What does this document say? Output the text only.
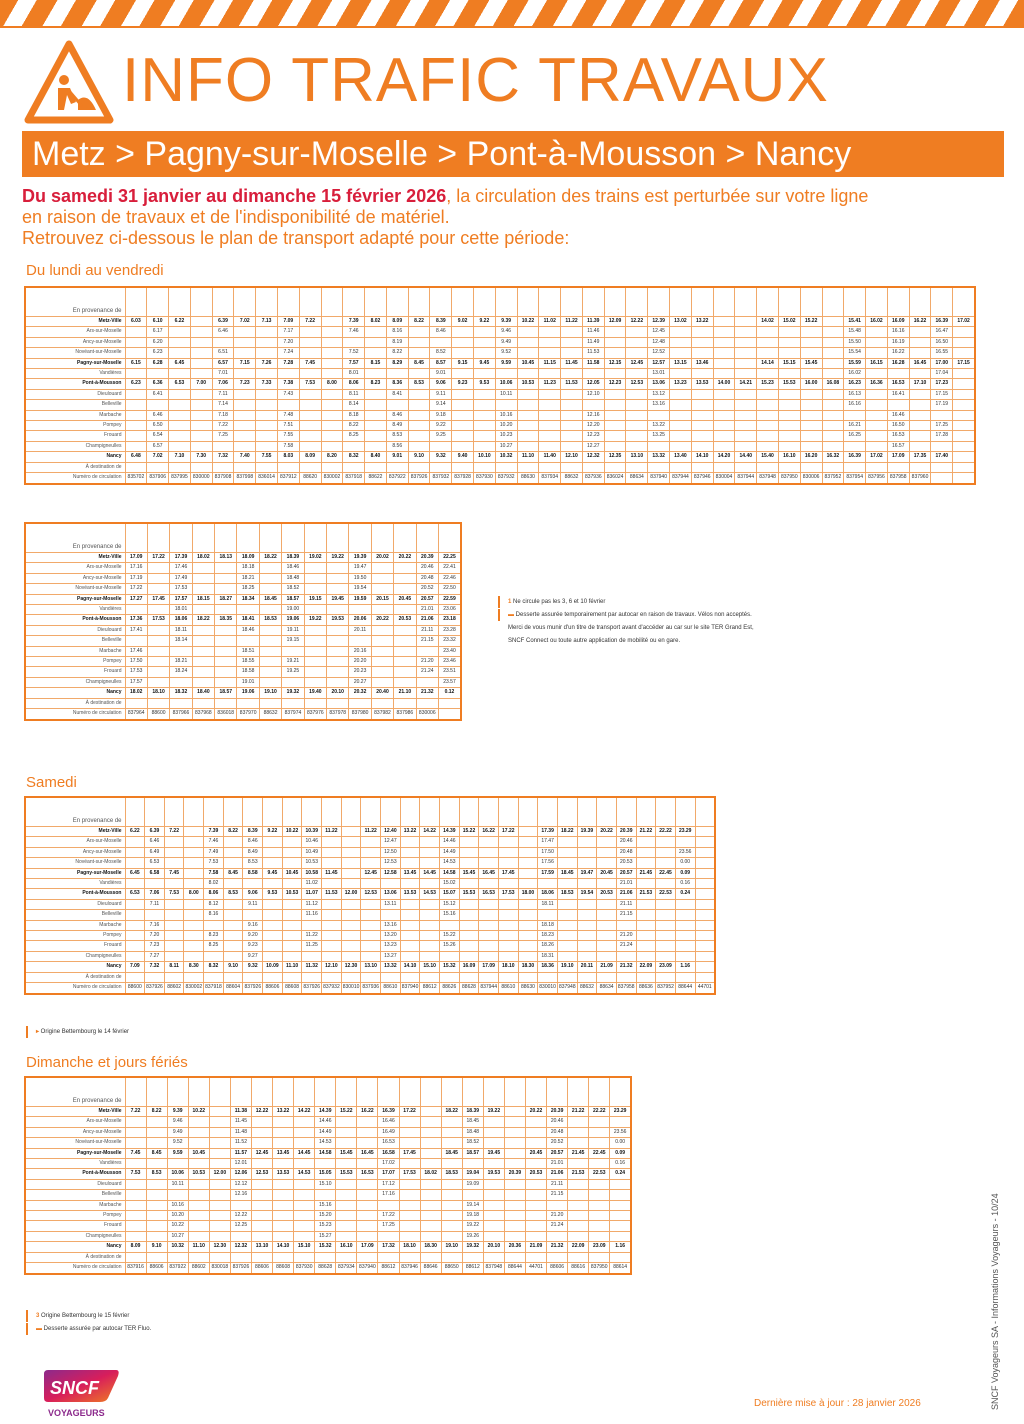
INFO TRAFIC TRAVAUX
Metz > Pagny-sur-Moselle > Pont-à-Mousson > Nancy
Du samedi 31 janvier au dimanche 15 février 2026, la circulation des trains est perturbée sur votre ligne
en raison de travaux et de l'indisponibilité de matériel.
Retrouvez ci-dessous le plan de transport adapté pour cette période:
Du lundi au vendredi
En provenance de																																							
Metz-Ville	6.03	6.10	6.22		6.39	7.02	7.13	7.09	7.22		7.39	8.02	8.09	8.22	8.39	9.02	9.22	9.39	10.22	11.02	11.22	11.39	12.09	12.22	12.39	13.02	13.22			14.02	15.02	15.22		15.41	16.02	16.09	16.22	16.39	17.02
Ars-sur-Moselle		6.17			6.46			7.17			7.46		8.16		8.46			9.46				11.46			12.45									15.48		16.16		16.47	
Ancy-sur-Moselle		6.20						7.20					8.19					9.49				11.49			12.48									15.50		16.19		16.50	
Novéant-sur-Moselle		6.23			6.51			7.24			7.52		8.22		8.52			9.52				11.53			12.52									15.54		16.22		16.55	
Pagny-sur-Moselle	6.15	6.28	6.45		6.57	7.15	7.26	7.28	7.45		7.57	8.15	8.29	8.45	8.57	9.15	9.45	9.59	10.45	11.15	11.45	11.58	12.15	12.45	12.57	13.15	13.46			14.14	15.15	15.45		15.59	16.15	16.28	16.45	17.00	17.15
Vandières					7.01						8.01				9.01										13.01									16.02				17.04	
Pont-à-Mousson	6.23	6.36	6.53	7.00	7.06	7.23	7.33	7.38	7.53	8.00	8.06	8.23	8.36	8.53	9.06	9.23	9.53	10.06	10.53	11.23	11.53	12.05	12.23	12.53	13.06	13.23	13.53	14.00	14.21	15.23	15.53	16.00	16.08	16.23	16.36	16.53	17.10	17.23	
Dieulouard		6.41			7.11			7.43			8.11		8.41		9.11			10.11				12.10			13.12									16.13		16.41		17.15	
Belleville					7.14						8.14				9.14										13.16									16.16				17.19	
Marbache		6.46			7.18			7.48			8.18		8.46		9.18			10.16				12.16														16.46			
Pompey		6.50			7.22			7.51			8.22		8.49		9.22			10.20				12.20			13.22									16.21		16.50		17.25	
Frouard		6.54			7.25			7.55			8.25		8.53		9.25			10.23				12.23			13.25									16.25		16.53		17.28	
Champigneulles		6.57						7.58					8.56					10.27				12.27														16.57			
Nancy	6.48	7.02	7.10	7.30	7.32	7.40	7.55	8.03	8.09	8.20	8.32	8.40	9.01	9.10	9.32	9.40	10.10	10.32	11.10	11.40	12.10	12.32	12.35	13.10	13.32	13.40	14.10	14.20	14.40	15.40	16.10	16.20	16.32	16.39	17.02	17.09	17.35	17.40	
À destination de																																							
Numéro de circulation	835702	837906	837995	830000	837908	837998	836014	837912	88620	830002	837918	88622	837922	837926	837932	837928	837930	837932	88630	837934	88632	837936	836024	88634	837940	837944	837946	830004	837944	837948	837950	830006	837952	837954	837956	837958	837960		
En provenance de															
Metz-Ville	17.09	17.22	17.39	18.02	18.13	18.09	18.22	18.39	19.02	19.22	19.39	20.02	20.22	20.39	22.25
Ars-sur-Moselle	17.16		17.46			18.18		18.46			19.47			20.46	22.41
Ancy-sur-Moselle	17.19		17.49			18.21		18.48			19.50			20.48	22.46
Novéant-sur-Moselle	17.22		17.53			18.25		18.52			19.54			20.52	22.50
Pagny-sur-Moselle	17.27	17.45	17.57	18.15	18.27	18.34	18.45	18.57	19.15	19.45	19.59	20.15	20.45	20.57	22.59
Vandières			18.01					19.00						21.01	23.06
Pont-à-Mousson	17.36	17.53	18.06	18.22	18.35	18.41	18.53	19.06	19.22	19.53	20.06	20.22	20.53	21.06	23.18
Dieulouard	17.41		18.11			18.46		19.11			20.11			21.11	23.28
Belleville			18.14					19.15						21.15	23.32
Marbache	17.46					18.51					20.16				23.40
Pompey	17.50		18.21			18.55		19.21			20.20			21.20	23.46
Frouard	17.53		18.24			18.58		19.25			20.23			21.24	23.51
Champigneulles	17.57					19.01					20.27				23.57
Nancy	18.02	18.10	18.32	18.40	18.57	19.06	19.10	19.32	19.40	20.10	20.32	20.40	21.10	21.32	0.12
À destination de															
Numéro de circulation	837964	88600	837966	837968	836018	837970	88632	837974	837976	837978	837980	837982	837986	830006	
1 Ne circule pas les 3, 6 et 10 février
▬ Desserte assurée temporairement par autocar en raison de travaux. Vélos non acceptés.
Merci de vous munir d'un titre de transport avant d'accéder au car sur le site TER Grand Est,
SNCF Connect ou toute autre application de mobilité ou en gare.
Samedi
En provenance de																														
Metz-Ville	6.22	6.39	7.22		7.39	8.22	8.39	9.22	10.22	10.39	11.22		11.22	12.40	13.22	14.22	14.39	15.22	16.22	17.22		17.39	18.22	19.39	20.22	20.39	21.22	22.22	23.29	
Ars-sur-Moselle		6.46			7.46		8.46			10.46				12.47			14.46					17.47				20.46				
Ancy-sur-Moselle		6.49			7.49		8.49			10.49				12.50			14.49					17.50				20.48			23.56	
Novéant-sur-Moselle		6.53			7.53		8.53			10.53				12.53			14.53					17.56				20.53			0.00	
Pagny-sur-Moselle	6.45	6.58	7.45		7.58	8.45	8.58	9.45	10.45	10.58	11.45		12.45	12.58	13.45	14.45	14.58	15.45	16.45	17.45		17.59	18.45	19.47	20.45	20.57	21.45	22.45	0.09	
Vandières					8.02					11.02							15.02									21.01			0.16	
Pont-à-Mousson	6.53	7.06	7.53	8.00	8.06	8.53	9.06	9.53	10.53	11.07	11.53	12.00	12.53	13.06	13.53	14.53	15.07	15.53	16.53	17.53	18.00	18.06	18.53	19.54	20.53	21.06	21.53	22.53	0.24	
Dieulouard		7.11			8.12		9.11			11.12				13.11			15.12					18.11				21.11				
Belleville					8.16					11.16							15.16									21.15				
Marbache		7.16					9.16							13.16								18.18								
Pompey		7.20			8.23		9.20			11.22				13.20			15.22					18.23				21.20				
Frouard		7.23			8.25		9.23			11.25				13.23			15.26					18.26				21.24				
Champigneulles		7.27					9.27							13.27								18.31								
Nancy	7.09	7.32	8.11	8.30	8.32	9.10	9.32	10.09	11.10	11.32	12.10	12.30	13.10	13.32	14.10	15.10	15.32	16.09	17.09	18.10	18.30	18.36	19.10	20.11	21.09	21.32	22.09	23.09	1.16	
À destination de																														
Numéro de circulation	88600	837926	88602	830002	837918	88604	837926	88606	88608	837926	837932	830010	837936	88610	837940	88612	88626	88628	837944	88610	88630	830010	837948	88632	88634	837958	88636	837952	88644	44701
▸ Origine Bettembourg le 14 février
Dimanche et jours fériés
En provenance de																								
Metz-Ville	7.22	8.22	9.39	10.22		11.38	12.22	13.22	14.22	14.39	15.22	16.22	16.39	17.22		18.22	18.39	19.22		20.22	20.39	21.22	22.22	23.29
Ars-sur-Moselle			9.46			11.45				14.46			16.46				18.45				20.46			
Ancy-sur-Moselle			9.49			11.48				14.49			16.49				18.48				20.48			23.56
Novéant-sur-Moselle			9.52			11.52				14.53			16.53				18.52				20.52			0.00
Pagny-sur-Moselle	7.45	8.45	9.59	10.45		11.57	12.45	13.45	14.45	14.58	15.45	16.45	16.58	17.45		18.45	18.57	19.45		20.45	20.57	21.45	22.45	0.09
Vandières						12.01							17.02								21.01			0.16
Pont-à-Mousson	7.53	8.53	10.06	10.53	12.00	12.06	12.53	13.53	14.53	15.05	15.53	16.53	17.07	17.53	18.02	18.53	19.04	19.53	20.39	20.53	21.06	21.53	22.53	0.24
Dieulouard			10.11			12.12				15.10			17.12				19.09				21.11			
Belleville						12.16							17.16								21.15			
Marbache			10.16							15.16							19.14							
Pompey			10.20			12.22				15.20			17.22				19.18				21.20			
Frouard			10.22			12.25				15.23			17.25				19.22				21.24			
Champigneulles			10.27							15.27							19.26							
Nancy	8.09	9.10	10.32	11.10	12.30	12.32	13.10	14.10	15.10	15.32	16.10	17.09	17.32	18.10	18.30	19.10	19.32	20.10	20.36	21.09	21.32	22.09	23.09	1.16
À destination de																								
Numéro de circulation	837916	88606	837922	88602	830018	837926	88606	88608	837930	88628	837934	837940	88612	837946	88646	88650	88612	837948	88644	44701	88606	88616	837950	88614
3 Origine Bettembourg le 15 février
▬ Desserte assurée par autocar TER Fluo.
SNCF
VOYAGEURS
Dernière mise à jour : 28 janvier 2026	SNCF Voyageurs SA - Informations Voyageurs - 10/24
